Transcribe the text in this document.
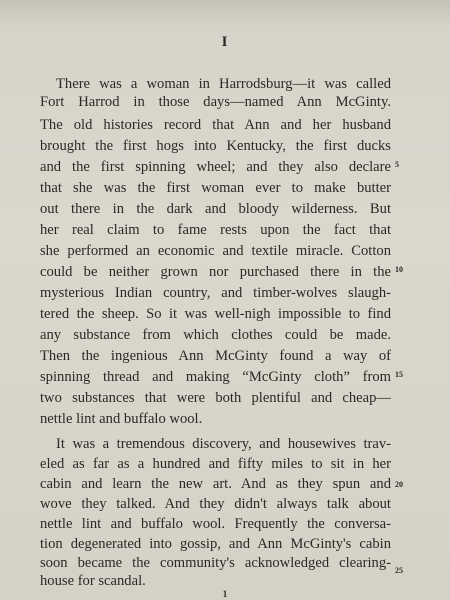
I
There was a woman in Harrodsburg—it was called
Fort Harrod in those days—named Ann McGinty.
The old histories record that Ann and her husband
brought the first hogs into Kentucky, the first ducks
and the first spinning wheel; and they also declare
that she was the first woman ever to make butter
out there in the dark and bloody wilderness. But
her real claim to fame rests upon the fact that
she performed an economic and textile miracle. Cotton
could be neither grown nor purchased there in the
mysterious Indian country, and timber-wolves slaugh-
tered the sheep. So it was well-nigh impossible to find
any substance from which clothes could be made.
Then the ingenious Ann McGinty found a way of
spinning thread and making “McGinty cloth” from
two substances that were both plentiful and cheap—
nettle lint and buffalo wool.
It was a tremendous discovery, and housewives trav-
eled as far as a hundred and fifty miles to sit in her
cabin and learn the new art. And as they spun and
wove they talked. And they didn't always talk about
nettle lint and buffalo wool. Frequently the conversa-
tion degenerated into gossip, and Ann McGinty's cabin
soon became the community's acknowledged clearing-
house for scandal.
5
10
15
20
25
1
